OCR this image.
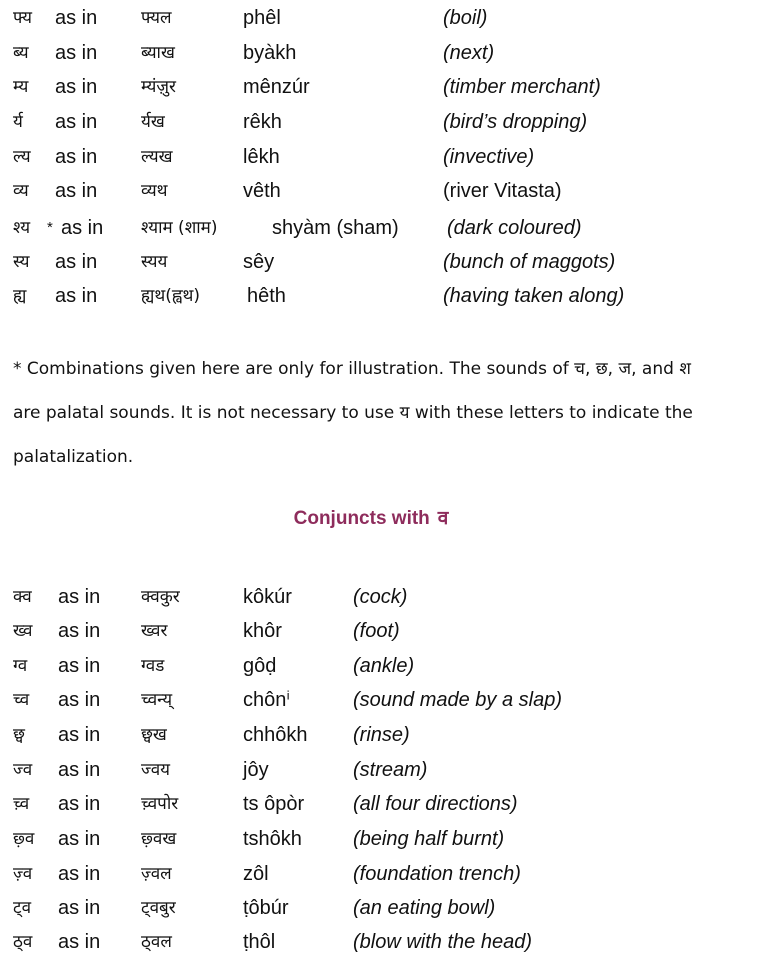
फ्य as in	फ्यल	phêl	(boil)
ब्य as in	ब्याख	byàkh	(next)
म्य as in	म्यंज़ुर	mênzúr	(timber merchant)
र्य as in	र्यख	rêkh	(bird’s dropping)
ल्य as in	ल्यख	lêkh	(invective)
व्य as in	व्यथ	vêth	(river Vitasta)
श्य * as in श्याम (शाम)	shyàm (sham) (dark coloured)
स्य as in	स्यय	sêy	(bunch of maggots)
ह्य as in	ह्यथ(ह्वथ) hêth	(having taken along)
* Combinations given here are only for illustration. The sounds of च, छ, ज, and श
are palatal sounds. It is not necessary to use य with these letters to indicate the
palatalization.
Conjuncts with व
क्व as in क्वकुर	kôkúr	(cock)
ख्व as in ख्वर	khôr	(foot)
ग्व as in ग्वड	gôḍ	(ankle)
च्व as in च्वन्य्	chônⁱ	(sound made by a slap)
छ्व as in छ्वख	chhôkh (rinse)
ज्व as in ज्वय	jôy	(stream)
च़्व as in च़्वपोर	ts ôpòr (all four directions)
छ़्व as in छ़्वख	tshôkh	(being half burnt)
ज़्व as in ज़्वल	zôl	(foundation trench)
ट्व as in ट्वबुर	ṭôbúr	(an eating bowl)
ठ्व as in ठ्वल	ṭhôl	(blow with the head)
